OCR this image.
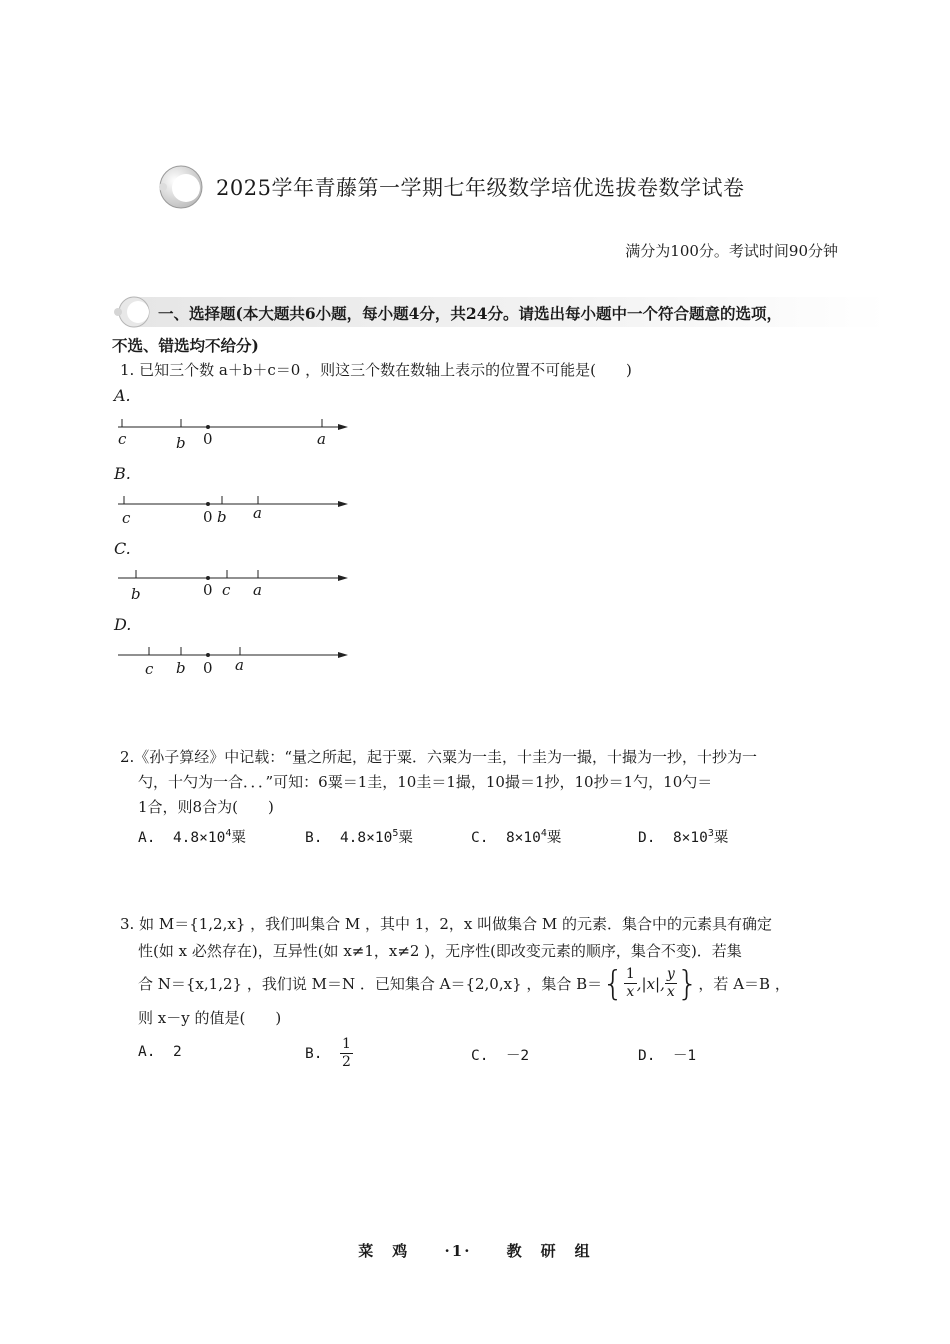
2025学年青藤第一学期七年级数学培优选拔卷数学试卷
满分为100分。考试时间90分钟
一、选择题(本大题共6小题，每小题4分，共24分。请选出每小题中一个符合题意的选项，
不选、错选均不给分)
1. 已知三个数 a＋b＋c＝0 ，则这三个数在数轴上表示的位置不可能是(　　)
A.
c	b 0	a
B.
c	0 b a
C.
b	0 c a
D.
c b 0 a
2.《孙子算经》中记载：“量之所起，起于粟．六粟为一圭，十圭为一撮，十撮为一抄，十抄为一
勺，十勺为一合．．．”可知：6粟＝1圭，10圭＝1撮，10撮＝1抄，10抄＝1勺，10勺＝
1合，则8合为(　　)
A. $4.8\times 10^4$粟	B. $4.8\times 10^5$粟	C. $8\times 10^4$粟	D. $8\times 10^3$粟
3. 如 M＝{1,2,x} ，我们叫集合 M ，其中 1，2，x 叫做集合 M 的元素．集合中的元素具有确定
性(如 x 必然存在)，互异性(如 x≠1，x≠2 )，无序性(即改变元素的顺序，集合不变)．若集
合 N＝{x,1,2} ，我们说 M＝N ．已知集合 A＝{2,0,x} ，集合 B＝ { $\frac{1}{x} ,|x|$, $\frac{y}{x}$ } ，若 A＝B ，
则 x－y 的值是(　　)
A. 2	B.
$\frac{1}{2}$	C. －2	D. －1
菜　鸡 ·1· 教　研　组
